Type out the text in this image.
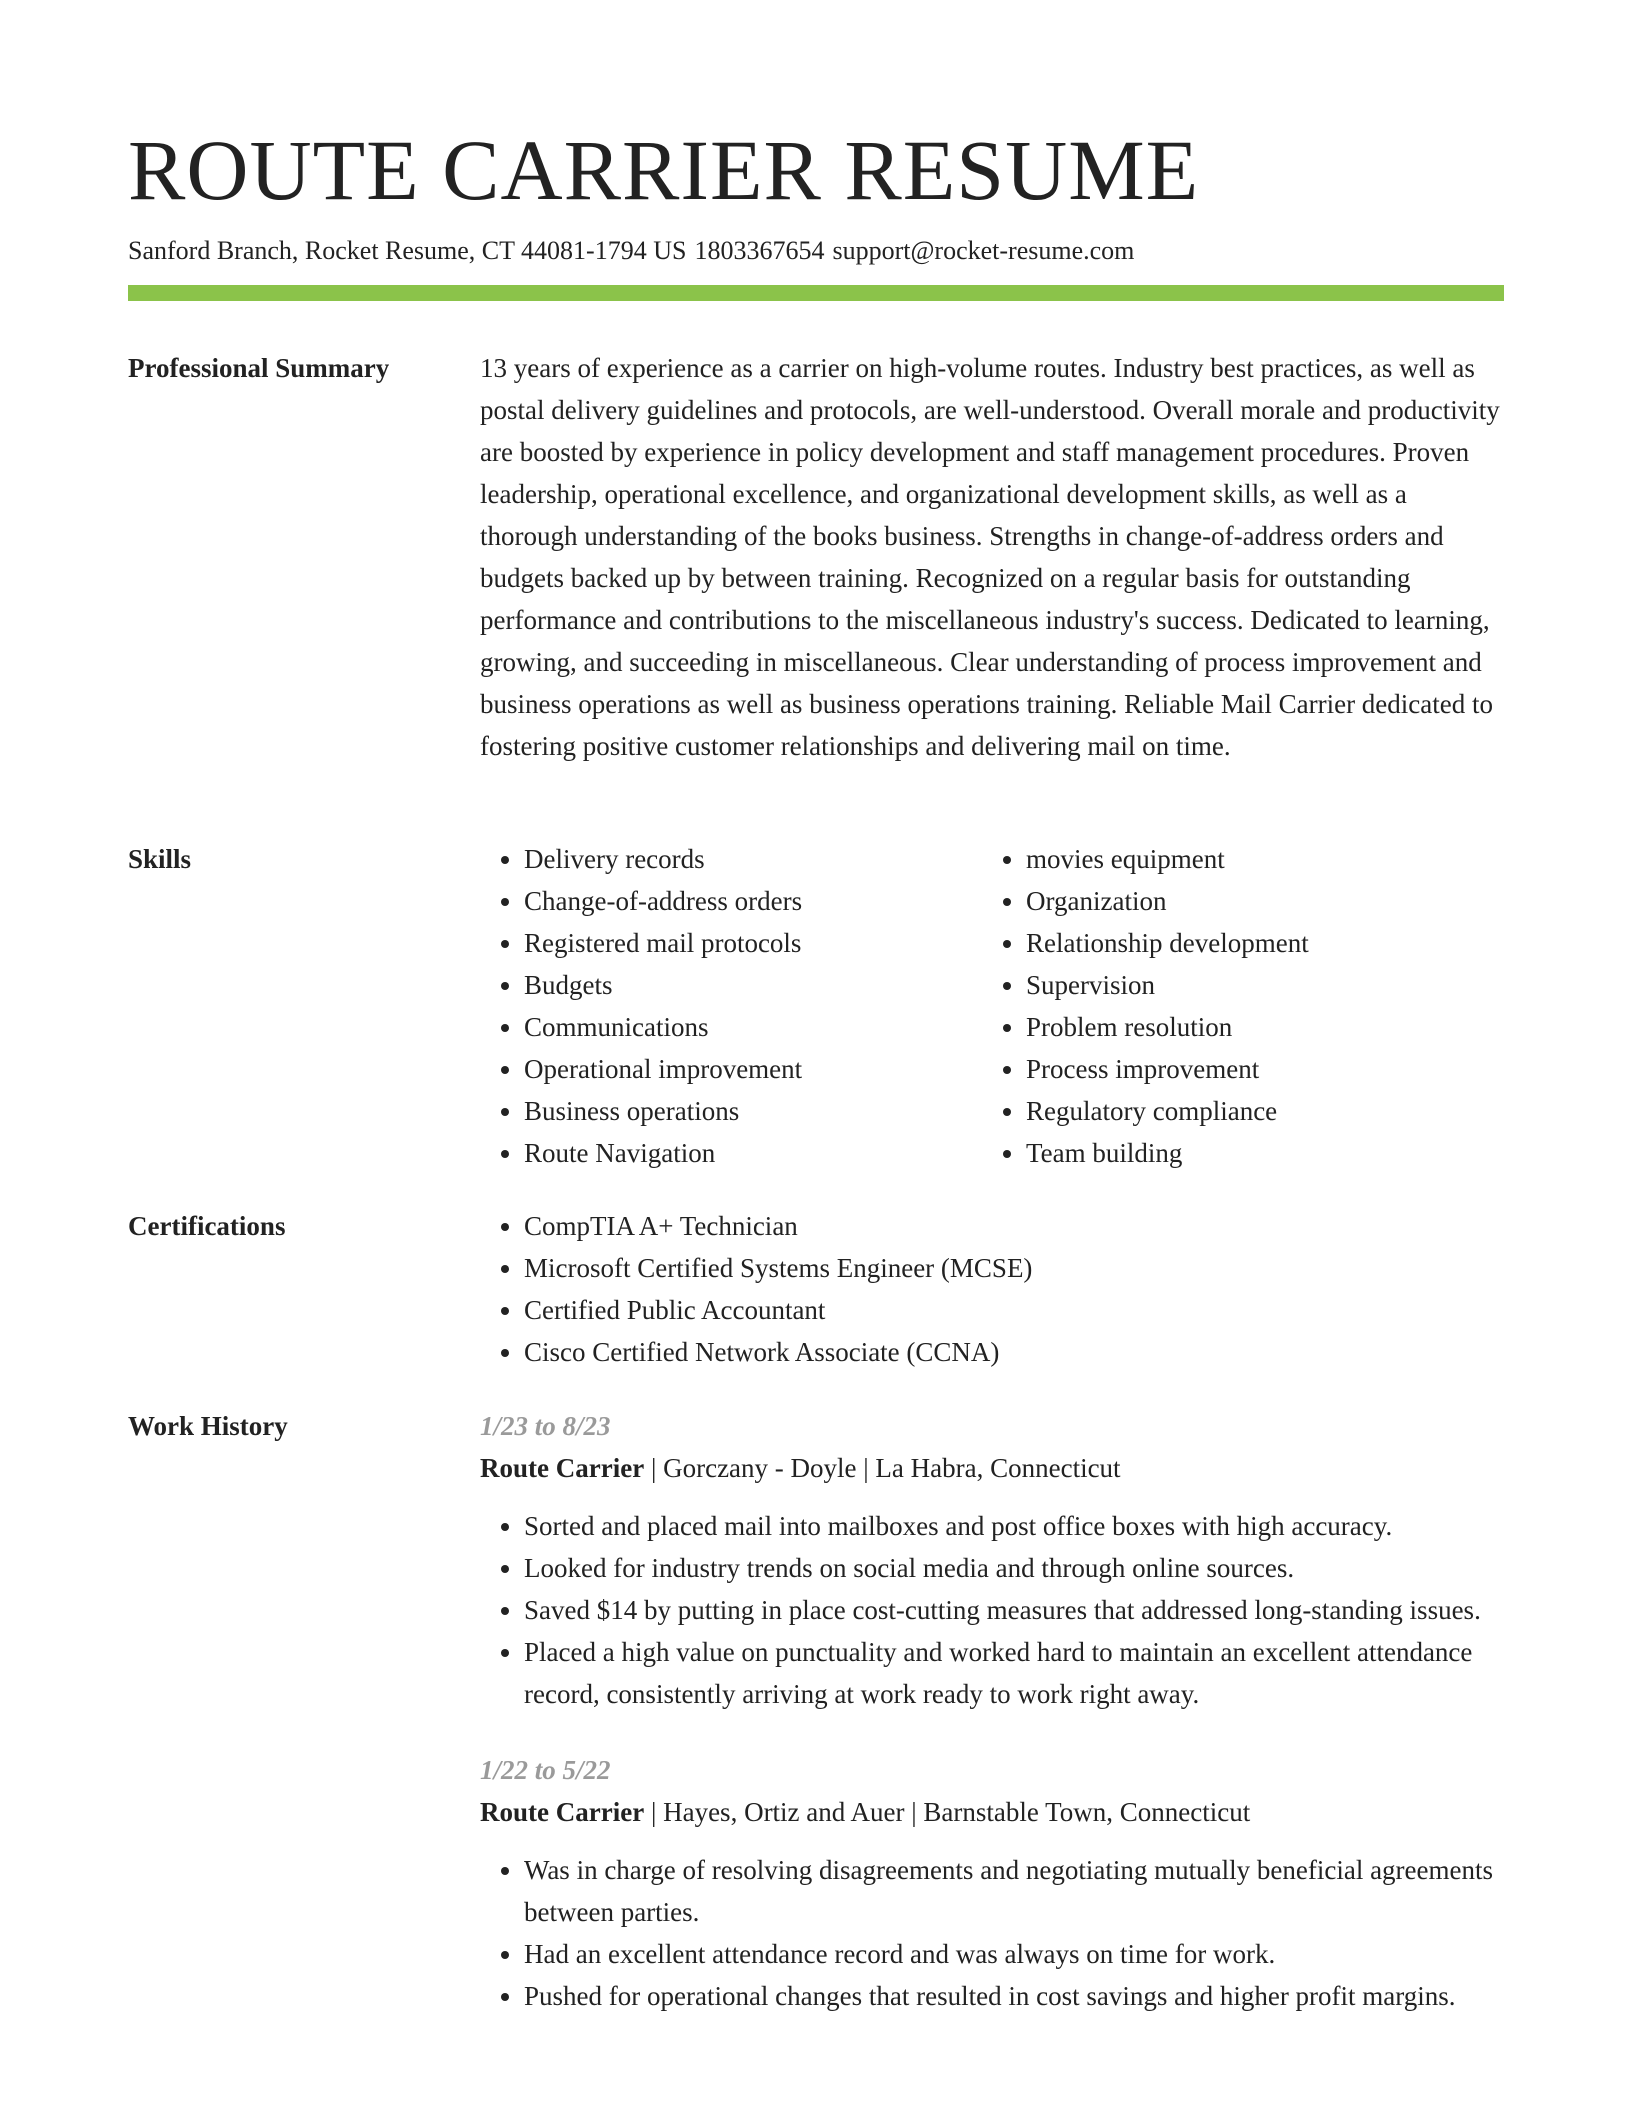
ROUTE CARRIER RESUME
Sanford Branch, Rocket Resume, CT 44081-1794 US 1803367654 support@rocket-resume.com
Professional Summary	13 years of experience as a carrier on high-volume routes. Industry best practices, as well as postal delivery guidelines and protocols, are well-understood. Overall morale and productivity are boosted by experience in policy development and staff management procedures. Proven leadership, operational excellence, and organizational development skills, as well as a thorough understanding of the books business. Strengths in change-of-address orders and budgets backed up by between training. Recognized on a regular basis for outstanding performance and contributions to the miscellaneous industry's success. Dedicated to learning, growing, and succeeding in miscellaneous. Clear understanding of process improvement and business operations as well as business operations training. Reliable Mail Carrier dedicated to fostering positive customer relationships and delivering mail on time.

Skills	• Delivery records
• Change-of-address orders
• Registered mail protocols
• Budgets
• Communications
• Operational improvement
• Business operations
• Route Navigation
• movies equipment
• Organization
• Relationship development
• Supervision
• Problem resolution
• Process improvement
• Regulatory compliance
• Team building
Certifications	• CompTIA A+ Technician
• Microsoft Certified Systems Engineer (MCSE)
• Certified Public Accountant
• Cisco Certified Network Associate (CCNA)
Work History	1/23 to 8/23
Route Carrier | Gorczany - Doyle | La Habra, Connecticut
• Sorted and placed mail into mailboxes and post office boxes with high accuracy.
• Looked for industry trends on social media and through online sources.
• Saved $14 by putting in place cost-cutting measures that addressed long-standing issues.
• Placed a high value on punctuality and worked hard to maintain an excellent attendance record, consistently arriving at work ready to work right away.
1/22 to 5/22
Route Carrier | Hayes, Ortiz and Auer | Barnstable Town, Connecticut
• Was in charge of resolving disagreements and negotiating mutually beneficial agreements between parties.
• Had an excellent attendance record and was always on time for work.
• Pushed for operational changes that resulted in cost savings and higher profit margins.
